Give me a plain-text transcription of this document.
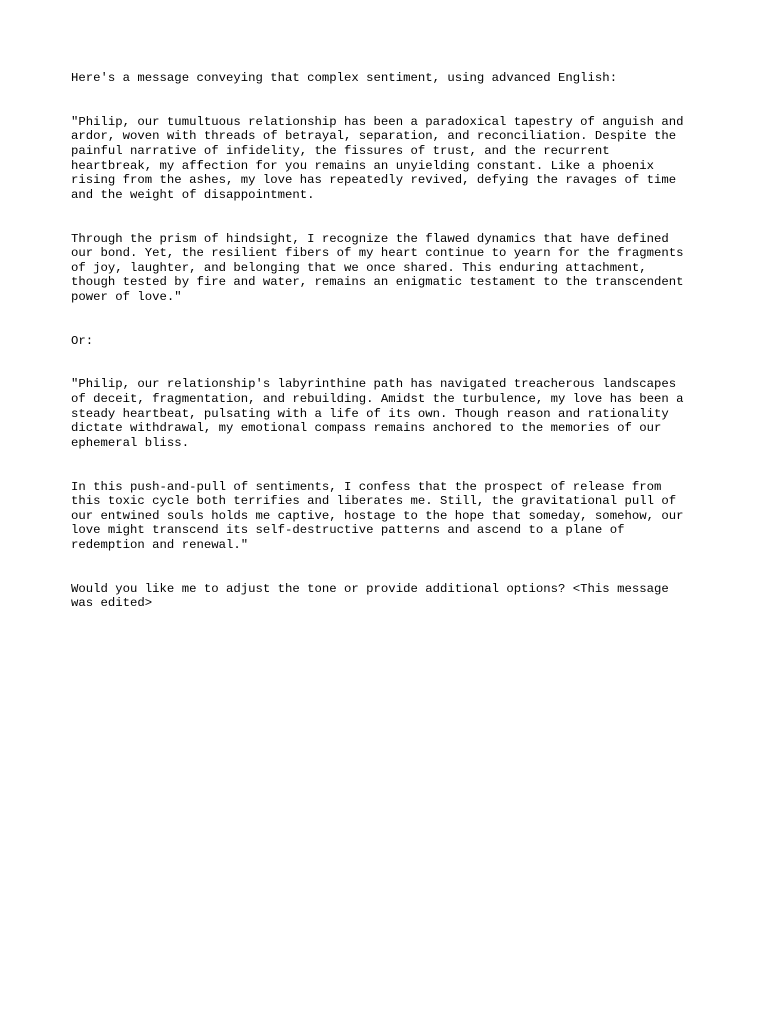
Here's a message conveying that complex sentiment, using advanced English:

"Philip, our tumultuous relationship has been a paradoxical tapestry of anguish and
ardor, woven with threads of betrayal, separation, and reconciliation. Despite the
painful narrative of infidelity, the fissures of trust, and the recurrent
heartbreak, my affection for you remains an unyielding constant. Like a phoenix
rising from the ashes, my love has repeatedly revived, defying the ravages of time
and the weight of disappointment.

Through the prism of hindsight, I recognize the flawed dynamics that have defined
our bond. Yet, the resilient fibers of my heart continue to yearn for the fragments
of joy, laughter, and belonging that we once shared. This enduring attachment,
though tested by fire and water, remains an enigmatic testament to the transcendent
power of love."

Or:

"Philip, our relationship's labyrinthine path has navigated treacherous landscapes
of deceit, fragmentation, and rebuilding. Amidst the turbulence, my love has been a
steady heartbeat, pulsating with a life of its own. Though reason and rationality
dictate withdrawal, my emotional compass remains anchored to the memories of our
ephemeral bliss.

In this push-and-pull of sentiments, I confess that the prospect of release from
this toxic cycle both terrifies and liberates me. Still, the gravitational pull of
our entwined souls holds me captive, hostage to the hope that someday, somehow, our
love might transcend its self-destructive patterns and ascend to a plane of
redemption and renewal."

Would you like me to adjust the tone or provide additional options? <This message
was edited>
